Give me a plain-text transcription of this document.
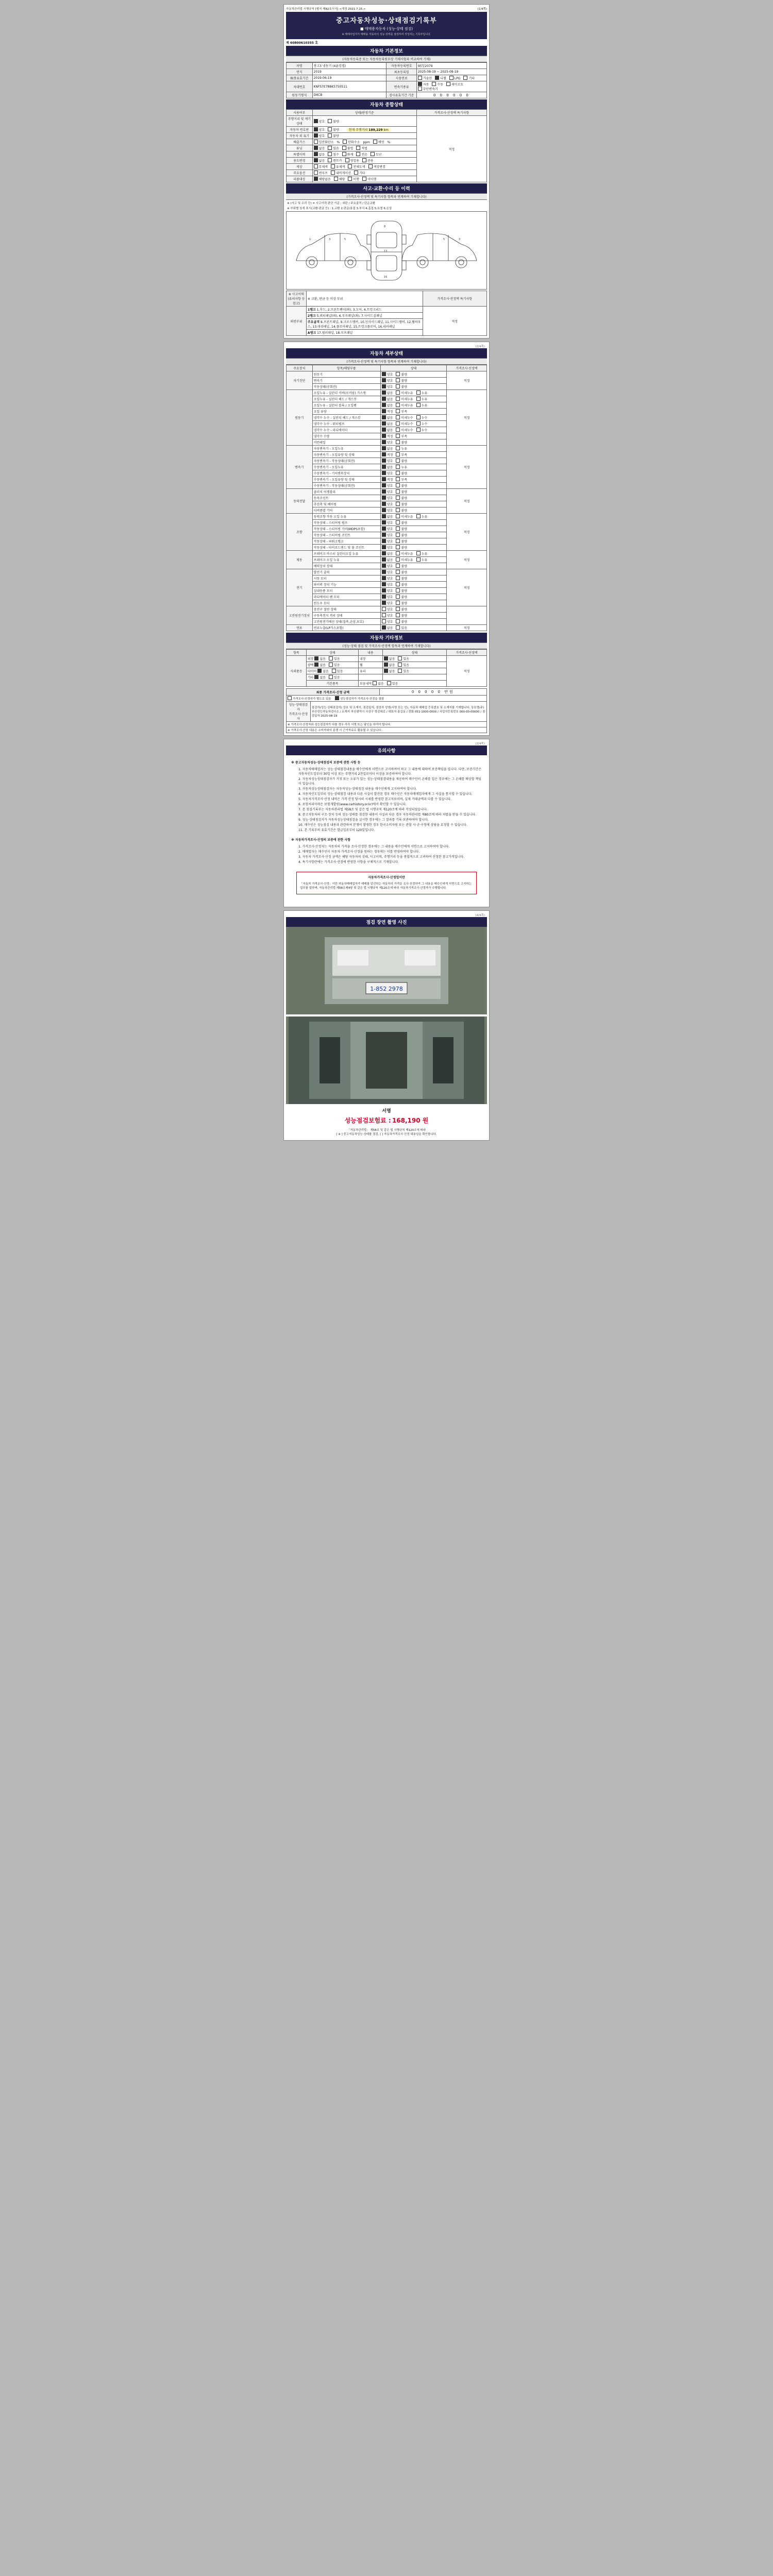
자동차관리법 시행규칙 [별지 제82호서식] <개정 2021.7.15.>	(1/4쪽)
중고자동차성능·상태점검기록부
■ 매매용자동차 (성능·상태 점검)
※ 매매사업자가 매매용 자동차의 성능·상태를 점검하여 작성하는 기록부입니다.
제 60800610355 호
자동차 기본정보
(자동차등록증 또는 자동차등록원부상 기재사항과 비교하여 기재)
차명	봉고3 냉동기 (4륜킹캡)	자동차등록번호	95일2079
연식	2019	최초등록일	2025-08-19 ~ 2025-08-19
検査유효기간	2019-06-19	사용연료	가솔린 디젤 LPG 기타
차대번호	KNFS7E788K5750511	변속기종류	자동 수동 세미오토무단변속기
원동기형식	D4CB	검사유효기간 기준	0 0 0 0 0 0
자동차 종합상태
사용여부	상태/판정기준	가격조사·산정액 특기사항
주행거리 및 계기상태	양호 불량	적정
자동차 번호판	양호 불량 현재 주행거리 189,229 km	
자동차 외 표기	양호 불량	
배출가스	일산화탄소 % 탄화수소 ppm 매연 %	
튜닝	없음 있음 불법 적법	
특별이력	없음 침수 화재 전손 도난	
용도변경	없음 렌트카 영업용 관용	
색상	무채색 유채색 전체도색 색상변경	
주요옵션	썬루프 내비게이션 기타	
리콜대상	해당없음 해당 이행 미이행	
사고·교환·수리 등 이력
(가격조사·산정액 및 특기사항 항목과 연계하여 기재합니다)
※ (사고 및 수리 등) = 사고이력 판단 기준 : 외판 / 주요골격 / 단순교환
※ 부위별 상세 표시(교환·판금 등) : 1.교환 2.판금/용접 3.부식 4.흠집 5.요철 6.손상
1	3	5
8
13
16
5	3
※ 사고이력 (유의사항 등 참고)	※ 교환, 판금 등 이상 부위	가격조사·산정액 특기사항
외판부위	1랭크 1.후드, 2.프론트펜더(좌), 3.도어, 4.트렁크리드	적정
	2랭크 5.쿼터패널(좌), 6.루프패널(좌), 7.사이드실패널	
	주요골격 8.프론트패널, 9.크로스멤버, 10.인사이드패널, 11.사이드멤버, 12.휠하우스, 13.대쉬패널, 14.플로어패널, 15.트렁크플로어, 16.리어패널	
	A랭크 17.필러패널, 18.루프패널	
(2/4쪽)
자동차 세부상태
(가격조사·산정액 및 특기사항 항목과 연계하여 기재합니다)
주요장치	항목/해당부품	상태	가격조사·산정액
자기진단	원동기	양호 불량	적정
	변속기	양호 불량	
	작동상태(공회전)	양호 불량	
원동기	오일누유 - 실린더 커버(로커암) 가스켓	없음 미세누유 누유	적정
	오일누유 - 실린더 헤드 / 개스킷	없음 미세누유 누유	
	오일누유 - 실린더 블록 / 오일팬	없음 미세누유 누유	
	오일 유량	적정 부족	
	냉각수 누수 - 실린더 헤드 / 개스킷	없음 미세누수 누수	
	냉각수 누수 - 워터펌프	없음 미세누수 누수	
	냉각수 누수 - 라디에이터	없음 미세누수 누수	
	냉각수 수량	적정 부족	
	커먼레일	양호 불량	
변속기	자동변속기 - 오일누유	없음 누유	적정
	자동변속기 - 오일유량 및 상태	적정 부족	
	자동변속기 - 작동상태(공회전)	양호 불량	
	수동변속기 - 오일누유	없음 누유	
	수동변속기 - 기어변속장치	양호 불량	
	수동변속기 - 오일유량 및 상태	적정 부족	
	수동변속기 - 작동상태(공회전)	양호 불량	
동력전달	클러치 어셈블리	양호 불량	적정
	등속조인트	양호 불량	
	추진축 및 베어링	양호 불량	
	디퍼렌셜 기어	양호 불량	
조향	동력조향 작동 오일 누유	없음 미세누유 누유	적정
	작동상태 - 스티어링 펌프	양호 불량	
	작동상태 - 스티어링 기어(MDPS포함)	양호 불량	
	작동상태 - 스티어링 조인트	양호 불량	
	작동상태 - 파워크랭크	양호 불량	
	작동상태 - 타이로드엔드 및 볼 조인트	양호 불량	
제동	브레이크 마스터 실린더오일 누유	없음 미세누유 누유	적정
	브레이크 오일 누유	없음 미세누유 누유	
	배력장치 상태	양호 불량	
전기	발전기 출력	양호 불량	적정
	시동 모터	양호 불량	
	와이퍼 장치 기능	양호 불량	
	실내송풍 모터	양호 불량	
	라디에이터 팬 모터	양호 불량	
	윈도우 모터	양호 불량	
고전원전기장치	충전구 절연 상태	양호 불량	
	구동축전지 격리 상태	양호 불량	
	고전원전기배선 상태(접촉,손상,보호)	양호 불량	
연료	연료누출(LP가스포함)	없음 있음	적정
자동차 기타정보
(성능·상태 점검 및 가격조사·산정액 항목과 연계하여 기재합니다)
항목	상태	내용	상태	가격조사·산정액
사외품등	외장 없음 있음	내장	없음 있음	적정
	광택 없음 있음	휠	없음 있음	
	타이어 없음 있음	유리	없음 있음	
	기타 없음 있음			
	기본품목	보유내역 없음 있음		
최종 가격조사·산정 금액		0 0 0 0 0 만원
가격조사·산정자가 별도로 있음 성능점검자가 가격조사·산정을 겸함		

성능·상태점검자
가격조사·산정자	점검자(성능·상태점검자) 상호 및 소재지, 점검일자, 점검자 성명(서명 또는 인), 자동차 매매업 등록번호 및 소재지를 기재합니다. 상호명(주)부산성능자동차검사소 / 소재지 부산광역시 사상구 학감대로 / 대표자 홍길동 / 전화 051-1000-0000 / 사업자등록번호 000-00-00000 / 점검일자 2025-08-19	
※ 가격조사·산정자와 성능점검자가 다를 경우 각각 서명 또는 날인을 하여야 합니다.		
※ 가격조사·산정 내용은 소비자와의 분쟁 시 근거자료로 활용될 수 있습니다.		
(3/4쪽)
유의사항
※ 중고자동차성능·상태점검의 보증에 관한 사항 등
1. 자동차매매업자는 성능·상태점검내용을 매수인에게 서면으로 고지하여야 하고 그 내용에 대하여 보증책임을 집니다. 다만, 보증기간은 자동차인도일부터 30일 이상 또는 주행거리 2천킬로미터 이상을 보증하여야 합니다.
2. 자동차성능상태점검자가 거짓 또는 오류가 있는 성능·상태점검내용을 제공하여 매수인이 손해를 입은 경우에는 그 손해를 배상할 책임이 있습니다.
3. 자동차성능상태점검자는 자동차성능·상태점검 내용을 매수인에게 고지하여야 합니다.
4. 자동차인도일부터 성능·상태점검 내용과 다른 사실이 발견된 경우 매수인은 자동차매매업자에게 그 사실을 통지할 수 있습니다.
5. 자동차가격조사·산정 내역은 가격 산정 당시의 시세를 반영한 참고자료이며, 실제 거래금액과 다를 수 있습니다.
6. 보험처리이력은 보험개발원(www.carhistory.or.kr)에서 확인할 수 있습니다.
7. 본 점검기록부는 자동차관리법 제58조 및 같은 법 시행규칙 제120조에 따라 작성되었습니다.
8. 중고자동차의 구조·장치 등의 성능·상태를 점검한 내용이 사실과 다른 경우 자동차관리법 제80조에 따라 처벌을 받을 수 있습니다.
9. 성능·상태점검자가 자동차성능상태점검을 실시한 경우에는 그 결과를 기록·보관하여야 합니다.
10. 매수인은 성능점검 내용과 관련하여 분쟁이 발생한 경우 한국소비자원 또는 관할 시·군·구청에 상담을 요청할 수 있습니다.
11. 본 기록부의 유효기간은 발급일로부터 120일입니다.
※ 자동차가격조사·산정의 보증에 관한 사항
1. 가격조사·산정자는 자동차의 가격을 조사·산정한 경우에는 그 내용을 매수인에게 서면으로 고지하여야 합니다.
2. 매매업자는 매수인이 자동차 가격조사·산정을 원하는 경우에는 이를 반영하여야 합니다.
3. 자동차 가격조사·산정 금액은 해당 자동차의 상태, 사고이력, 주행거리 등을 종합적으로 고려하여 산정한 참고가격입니다.
4. 특기사항란에는 가격조사·산정에 반영한 사항을 구체적으로 기재합니다.
자동차가격조사·산정업이란
「자동차 가격조사·산정」이란 자동차매매업자가 매매를 알선하는 자동차의 가격을 조사·산정하여 그 내용을 매수인에게 서면으로 고지하는 업무를 말하며, 자동차관리법 제58조제4항 및 같은 법 시행규칙 제120조에 따라 자동차가격조사·산정자가 수행합니다.
(4/4쪽)
점검 장면 촬영 사진
1-852 2978
서명
성능점검보험료 : 168,190 원
「자동차관리법」 제58조 및 같은 법 시행규칙 제120조에 따라
[ ※ ] 중고자동차성능·상태를 점검, [ ] 자동차가격조사·산정 내용임을 확인합니다.
